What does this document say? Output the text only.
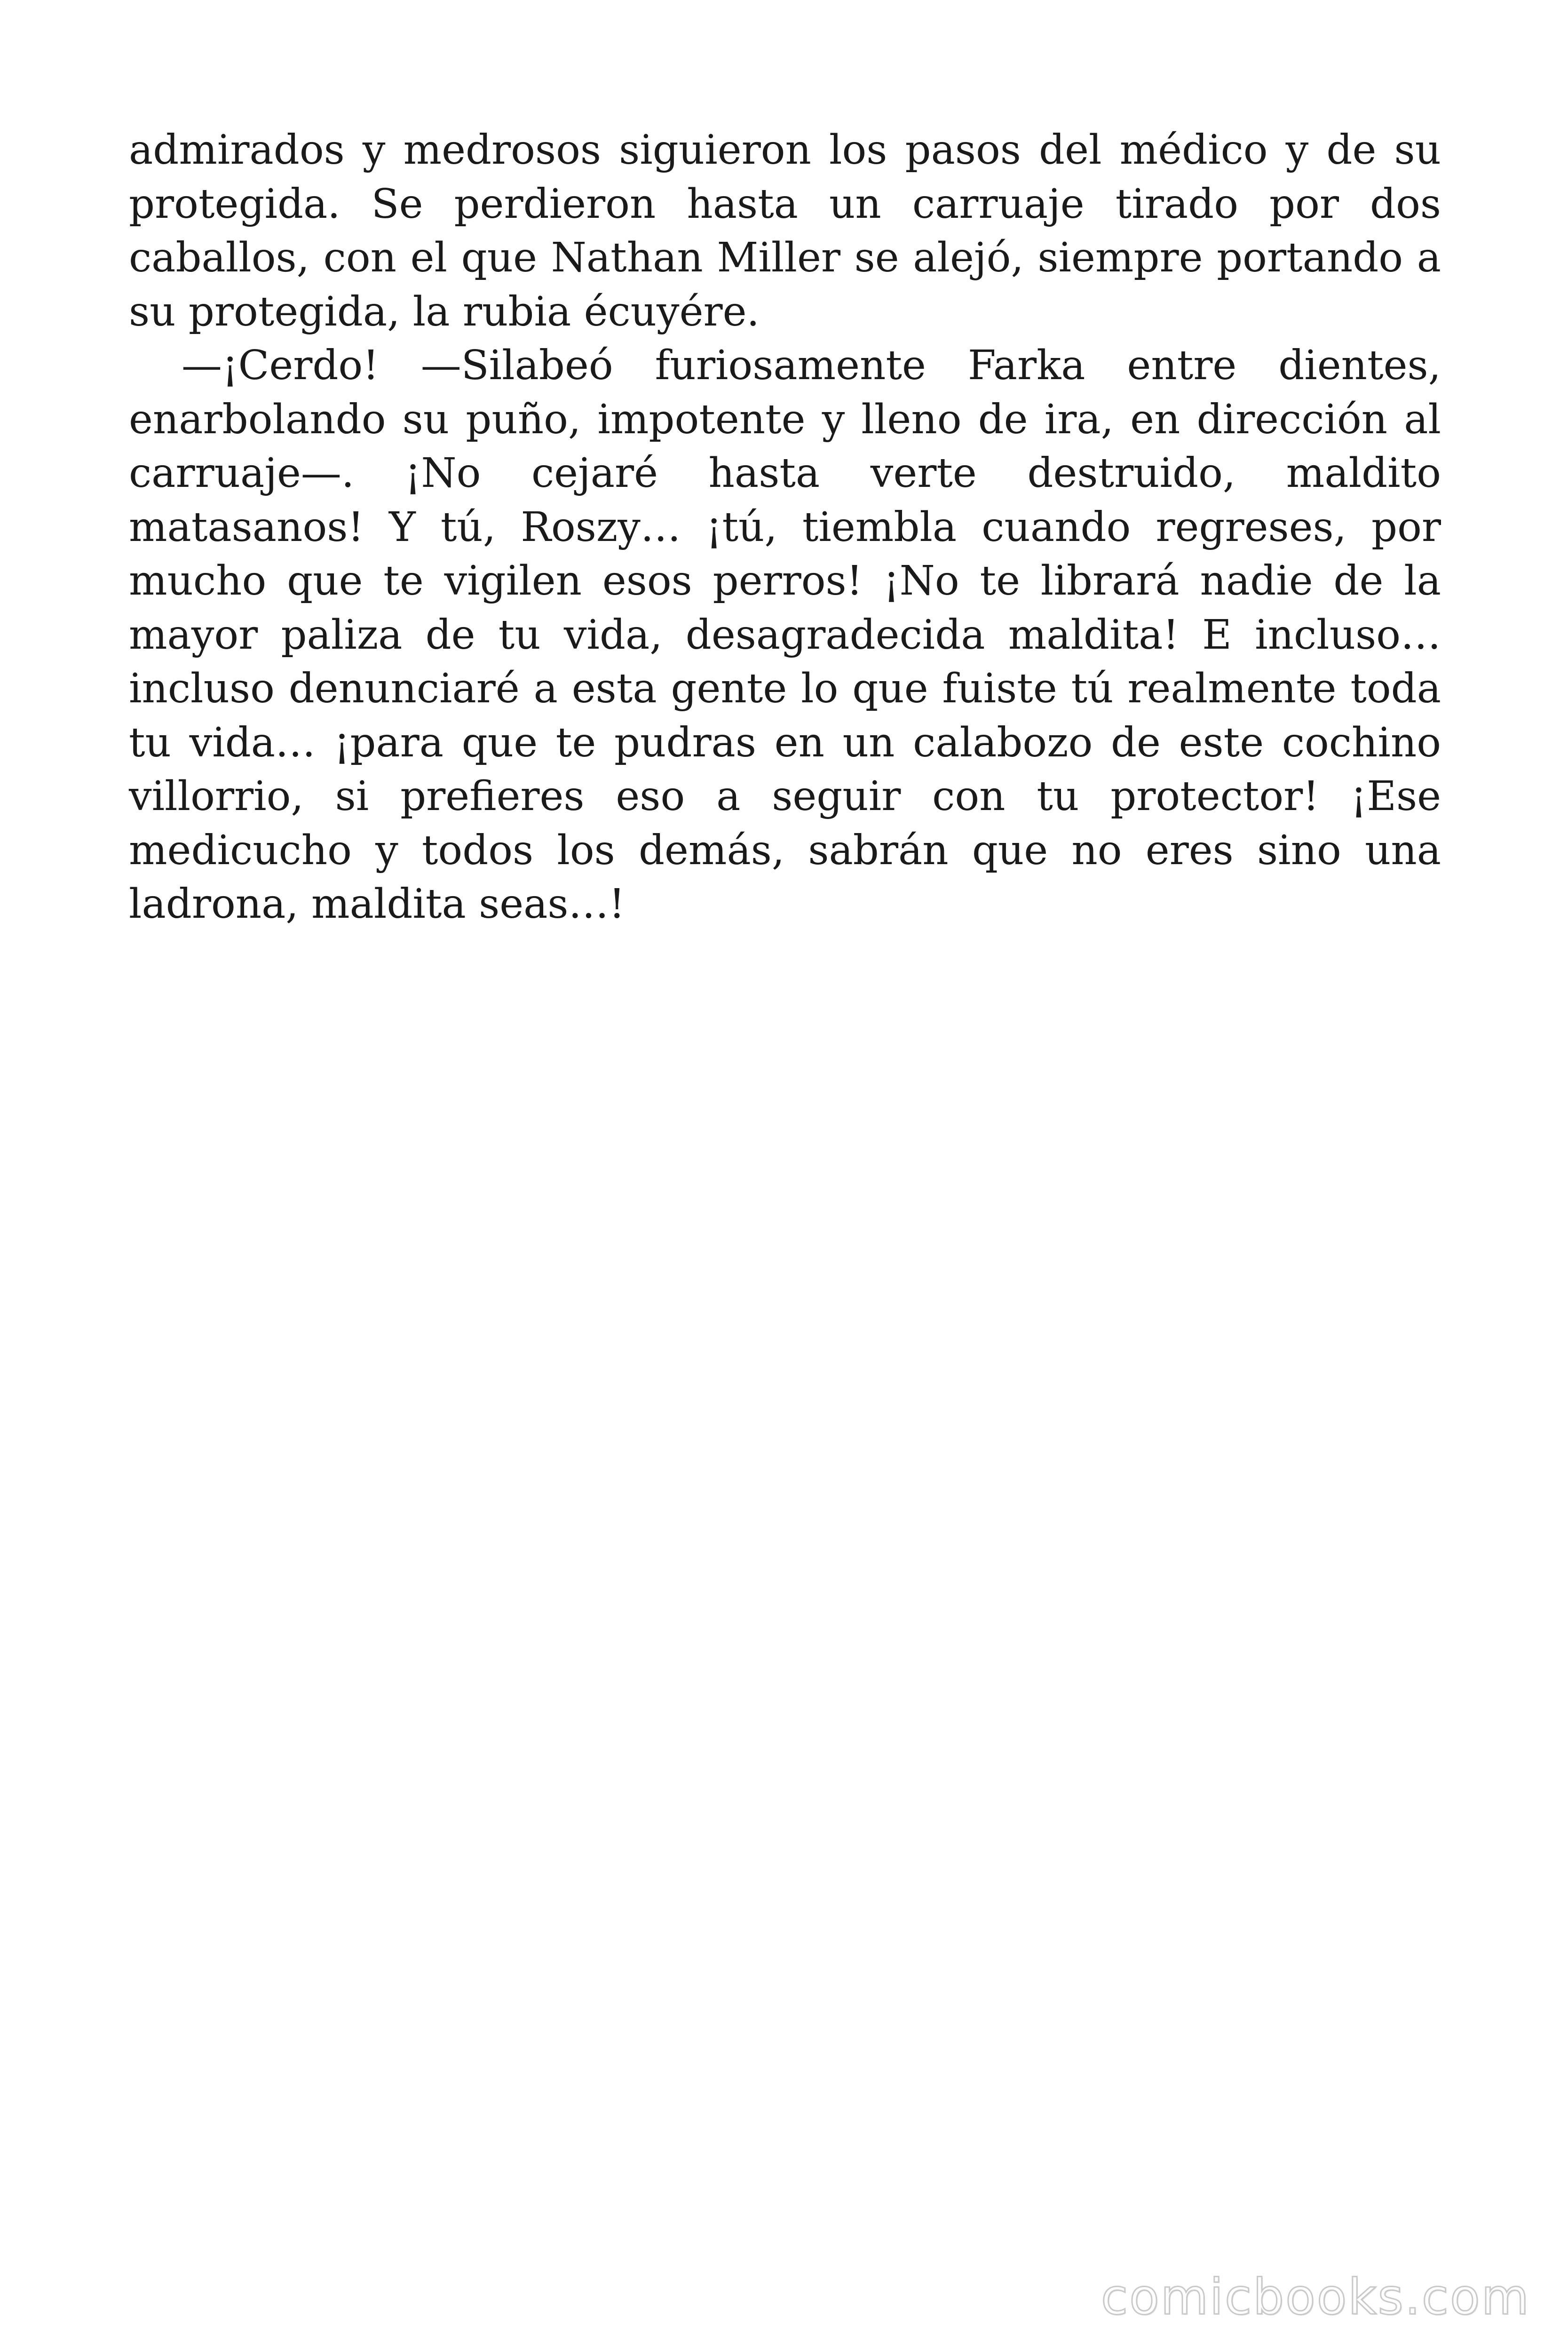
admirados y medrosos siguieron los pasos del médico y de su protegida. Se perdieron hasta un carruaje tirado por dos caballos, con el que Nathan Miller se alejó, siempre portando a su protegida, la rubia écuyére.

—¡Cerdo! —Silabeó furiosamente Farka entre dientes, enarbolando su puño, impotente y lleno de ira, en dirección al carruaje—. ¡No cejaré hasta verte destruido, maldito matasanos! Y tú, Roszy… ¡tú, tiembla cuando regreses, por mucho que te vigilen esos perros! ¡No te librará nadie de la mayor paliza de tu vida, desagradecida maldita! E incluso… incluso denunciaré a esta gente lo que fuiste tú realmente toda tu vida… ¡para que te pudras en un calabozo de este cochino villorrio, si prefieres eso a seguir con tu protector! ¡Ese medicucho y todos los demás, sabrán que no eres sino una ladrona, maldita seas…!

comicbooks.com
